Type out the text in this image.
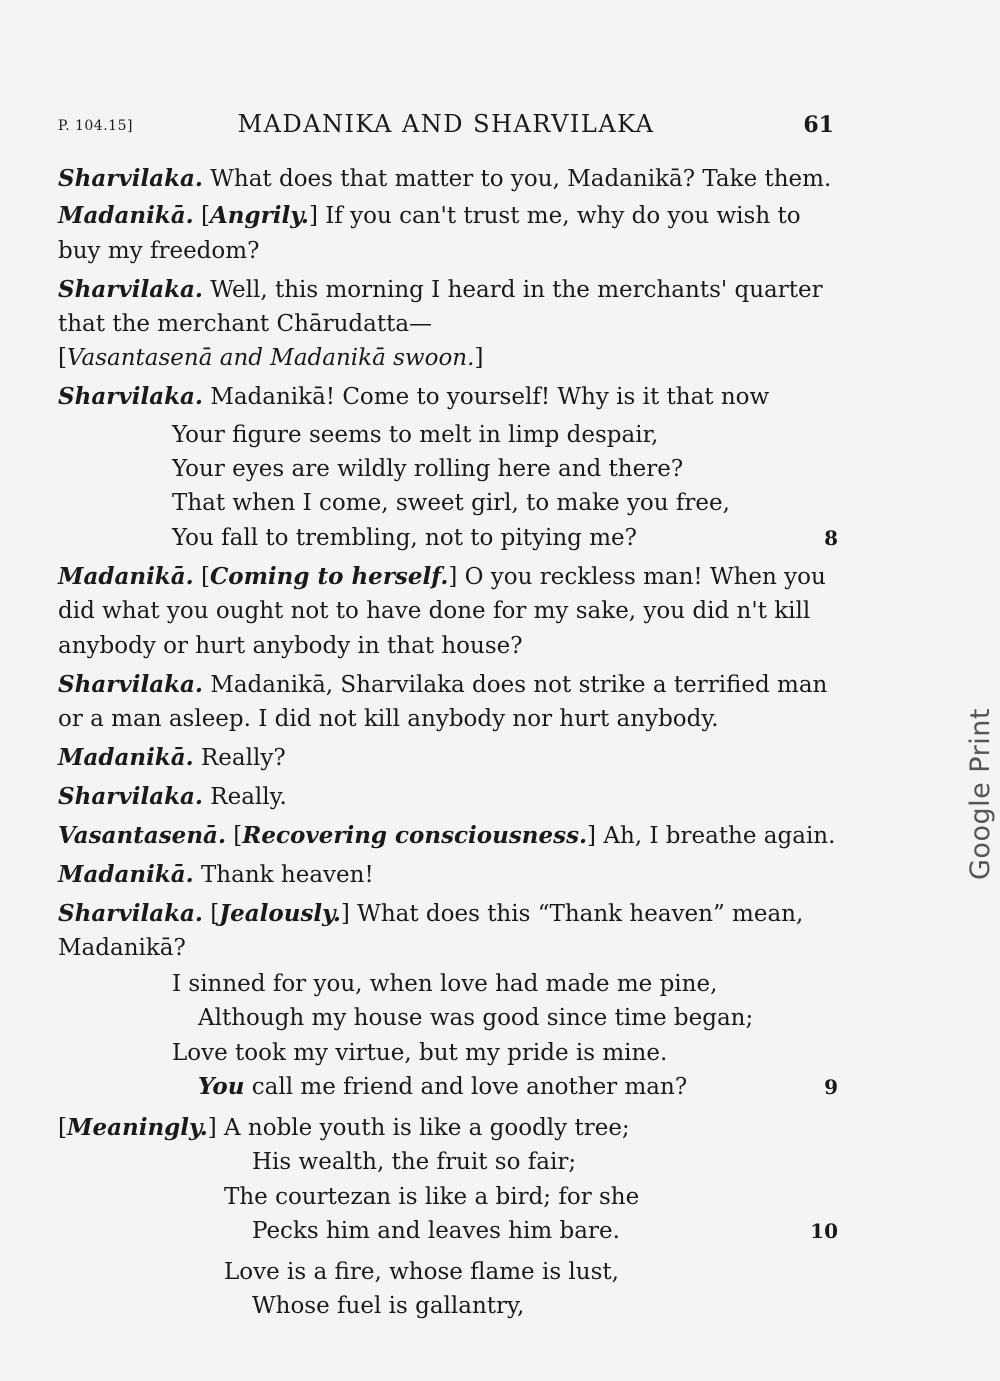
P. 104.15]	MADANIKA AND SHARVILAKA	61
Sharvilaka. What does that matter to you, Madanikā? Take them.
Madanikā. [Angrily.] If you can't trust me, why do you wish to
buy my freedom?
Sharvilaka. Well, this morning I heard in the merchants' quarter
that the merchant Chārudatta—
[Vasantasenā and Madanikā swoon.]
Sharvilaka. Madanikā! Come to yourself! Why is it that now
Your figure seems to melt in limp despair,
Your eyes are wildly rolling here and there?
That when I come, sweet girl, to make you free,
You fall to trembling, not to pitying me?	8
Madanikā. [Coming to herself.] O you reckless man! When you
did what you ought not to have done for my sake, you did n't kill
anybody or hurt anybody in that house?
Sharvilaka. Madanikā, Sharvilaka does not strike a terrified man
or a man asleep. I did not kill anybody nor hurt anybody.
Madanikā. Really?
Sharvilaka. Really.
Vasantasenā. [Recovering consciousness.] Ah, I breathe again.
Madanikā. Thank heaven!
Sharvilaka. [Jealously.] What does this “Thank heaven” mean,
Madanikā?
I sinned for you, when love had made me pine,
Although my house was good since time began;
Love took my virtue, but my pride is mine.
You call me friend and love another man?	9
[Meaningly.] A noble youth is like a goodly tree;
His wealth, the fruit so fair;
The courtezan is like a bird; for she
Pecks him and leaves him bare.	10
Love is a fire, whose flame is lust,
Whose fuel is gallantry,
Google Print
